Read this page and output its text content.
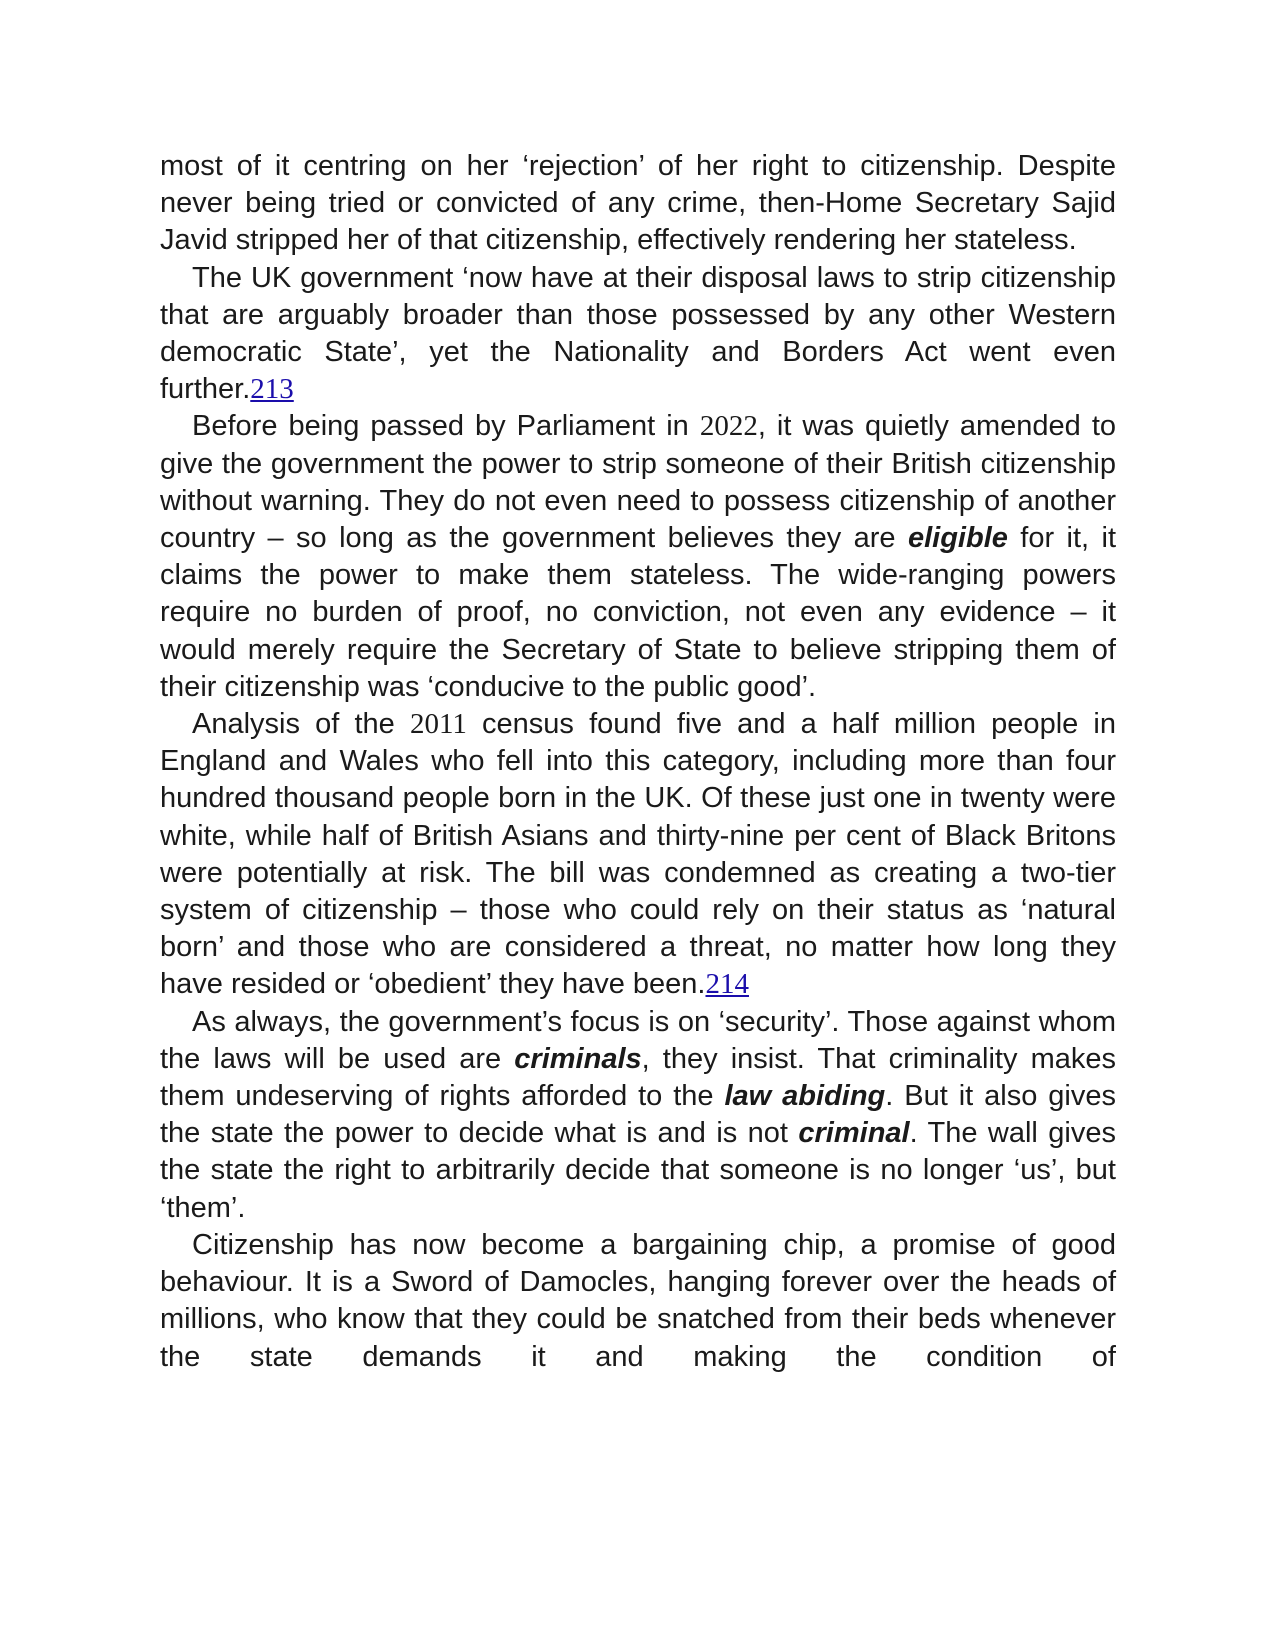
most of it centring on her ‘rejection’ of her right to citizenship. Despite never being tried or convicted of any crime, then-Home Secretary Sajid Javid stripped her of that citizenship, effectively rendering her stateless.

The UK government ‘now have at their disposal laws to strip citizenship that are arguably broader than those possessed by any other Western democratic State’, yet the Nationality and Borders Act went even further.213

Before being passed by Parliament in 2022, it was quietly amended to give the government the power to strip someone of their British citizenship without warning. They do not even need to possess citizenship of another country – so long as the government believes they are eligible for it, it claims the power to make them stateless. The wide-ranging powers require no burden of proof, no conviction, not even any evidence – it would merely require the Secretary of State to believe stripping them of their citizenship was ‘conducive to the public good’.

Analysis of the 2011 census found five and a half million people in England and Wales who fell into this category, including more than four hundred thousand people born in the UK. Of these just one in twenty were white, while half of British Asians and thirty-nine per cent of Black Britons were potentially at risk. The bill was condemned as creating a two-tier system of citizenship – those who could rely on their status as ‘natural born’ and those who are considered a threat, no matter how long they have resided or ‘obedient’ they have been.214

As always, the government’s focus is on ‘security’. Those against whom the laws will be used are criminals, they insist. That criminality makes them undeserving of rights afforded to the law abiding. But it also gives the state the power to decide what is and is not criminal. The wall gives the state the right to arbitrarily decide that someone is no longer ‘us’, but ‘them’.

Citizenship has now become a bargaining chip, a promise of good behaviour. It is a Sword of Damocles, hanging forever over the heads of millions, who know that they could be snatched from their beds whenever the state demands it and making the condition of
